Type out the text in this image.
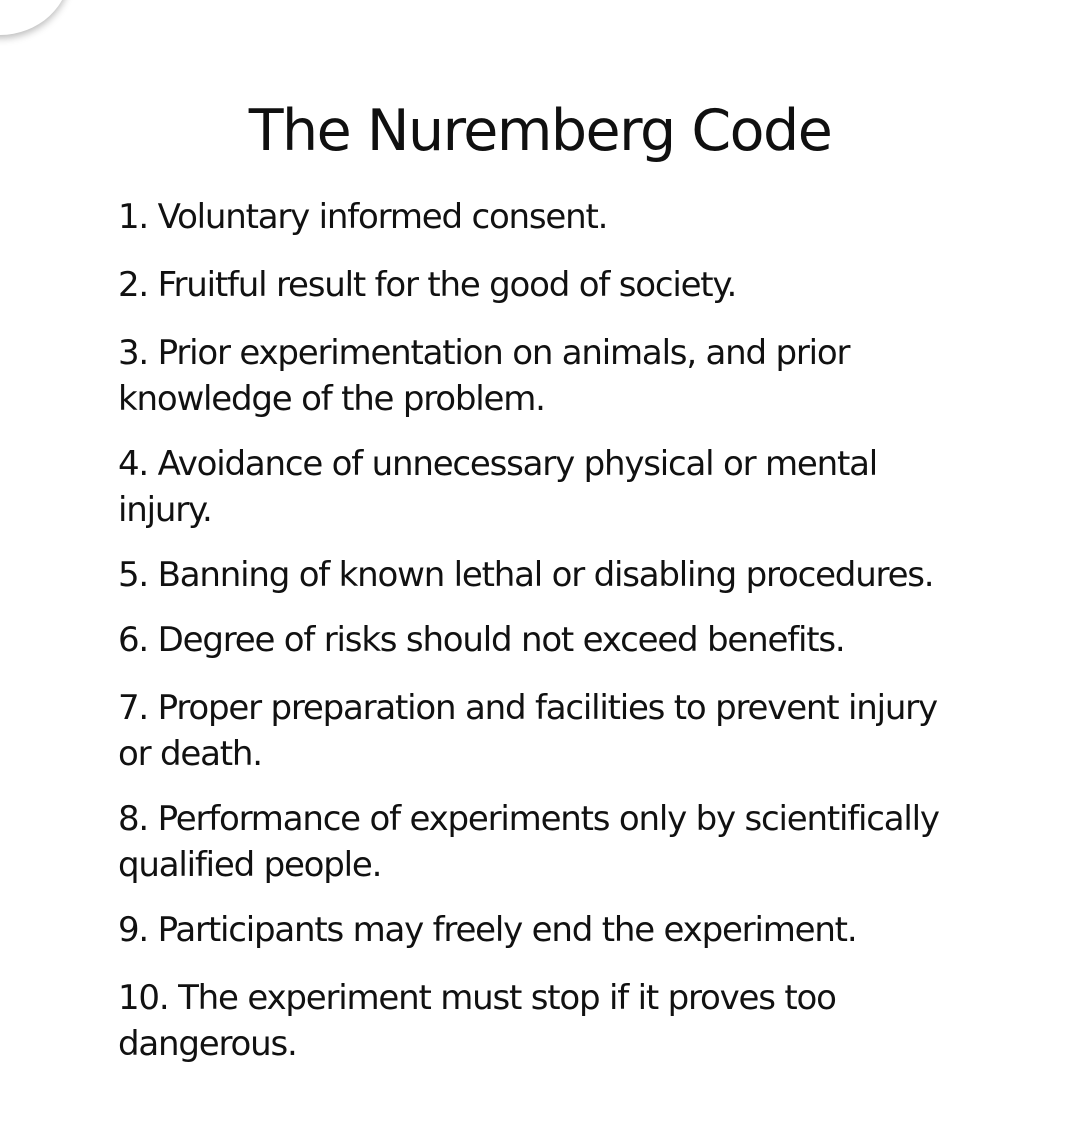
The Nuremberg Code
1. Voluntary informed consent.
2. Fruitful result for the good of society.
3. Prior experimentation on animals, and prior knowledge of the problem.
4. Avoidance of unnecessary physical or mental injury.
5. Banning of known lethal or disabling procedures.
6. Degree of risks should not exceed benefits.
7. Proper preparation and facilities to prevent injury or death.
8. Performance of experiments only by scientifically qualified people.
9. Participants may freely end the experiment.
10. The experiment must stop if it proves too dangerous.
